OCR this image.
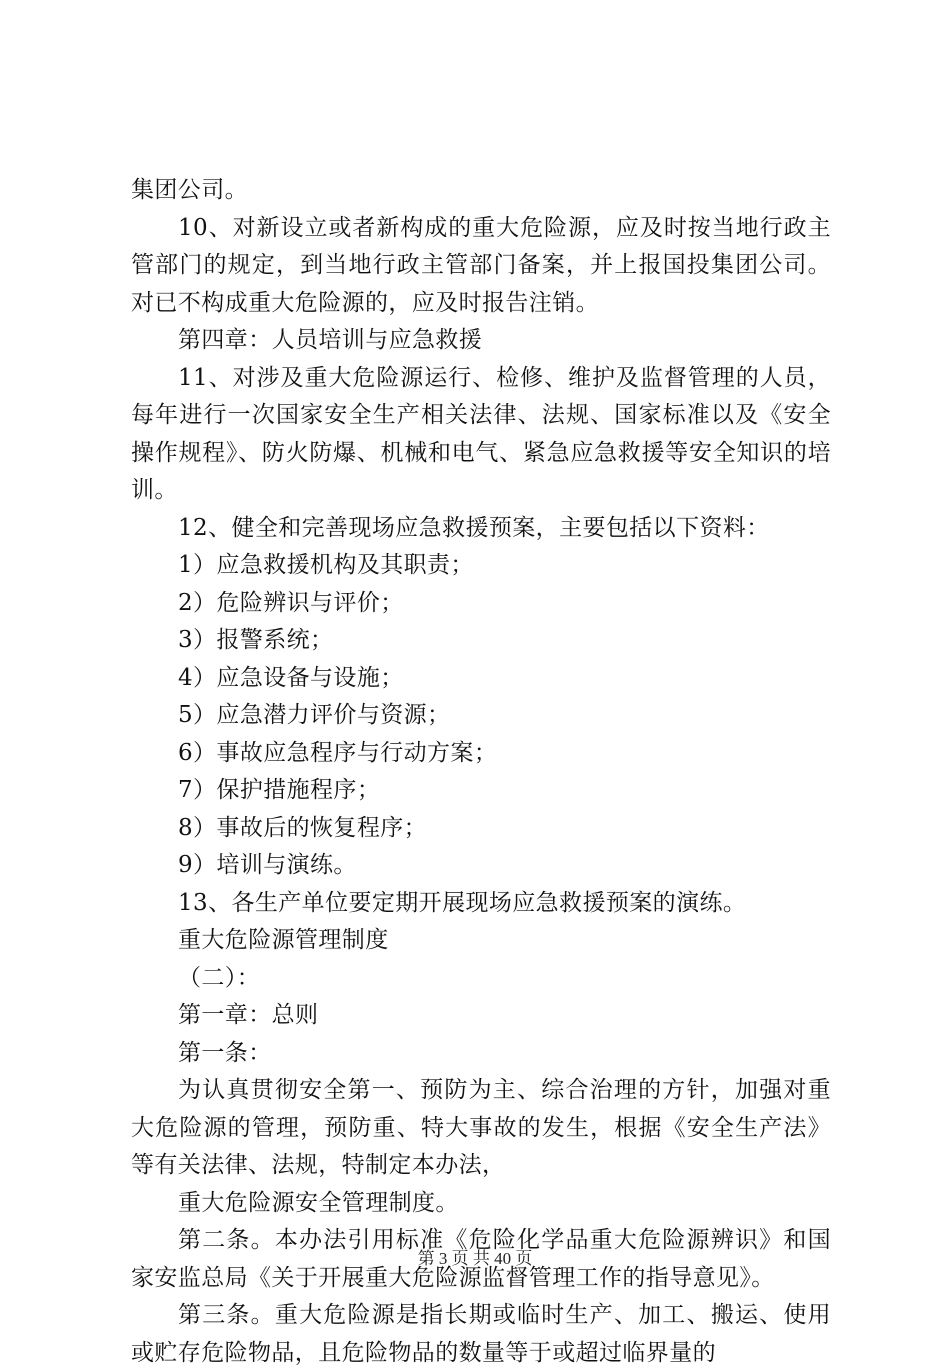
集团公司。

10、对新设立或者新构成的重大危险源，应及时按当地行政主管部门的规定，到当地行政主管部门备案，并上报国投集团公司。对已不构成重大危险源的，应及时报告注销。

第四章：人员培训与应急救援

11、对涉及重大危险源运行、检修、维护及监督管理的人员，每年进行一次国家安全生产相关法律、法规、国家标准以及《安全操作规程》、防火防爆、机械和电气、紧急应急救援等安全知识的培训。

12、健全和完善现场应急救援预案，主要包括以下资料：

1）应急救援机构及其职责；

2）危险辨识与评价；

3）报警系统；

4）应急设备与设施；

5）应急潜力评价与资源；

6）事故应急程序与行动方案；

7）保护措施程序；

8）事故后的恢复程序；

9）培训与演练。

13、各生产单位要定期开展现场应急救援预案的演练。

重大危险源管理制度

（二）：

第一章：总则

第一条：

为认真贯彻安全第一、预防为主、综合治理的方针，加强对重大危险源的管理，预防重、特大事故的发生，根据《安全生产法》等有关法律、法规，特制定本办法，

重大危险源安全管理制度。

第二条。本办法引用标准《危险化学品重大危险源辨识》和国家安监总局《关于开展重大危险源监督管理工作的指导意见》。

第三条。重大危险源是指长期或临时生产、加工、搬运、使用或贮存危险物品，且危险物品的数量等于或超过临界量的

第 3 页 共 40 页
